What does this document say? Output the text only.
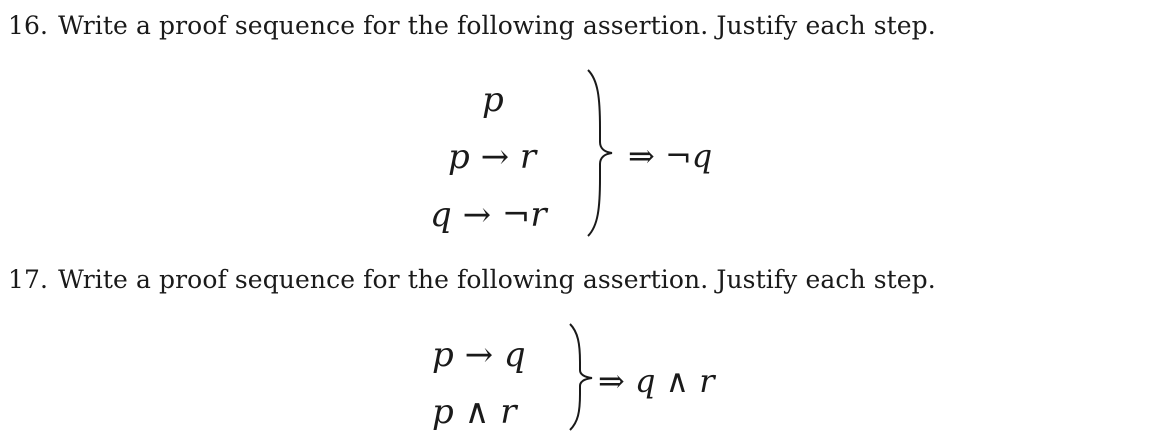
16. Write a proof sequence for the following assertion. Justify each step.
p
p → r
q → ¬r
⇒ ¬q
17. Write a proof sequence for the following assertion. Justify each step.
p → q
p ∧ r
⇒ q ∧ r
